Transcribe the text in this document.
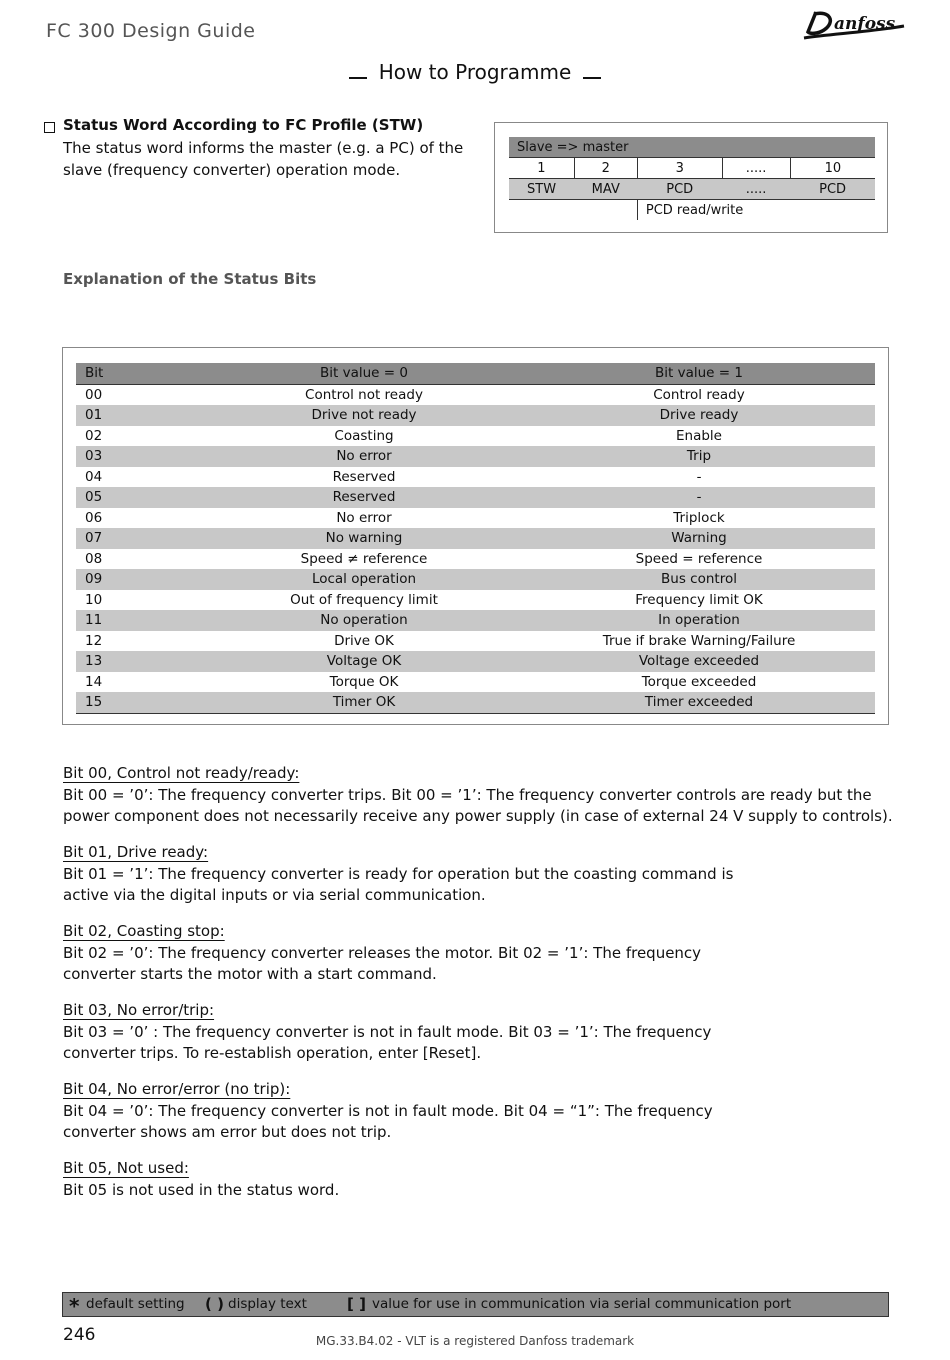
FC 300 Design Guide	anfoss
How to Programme
Status Word According to FC Profile (STW)
The status word informs the master (e.g. a PC) of the slave (frequency converter) operation mode.
Slave => master				
1	2	3	.....	10
STW	MAV	PCD	.....	PCD
		PCD read/write		
Explanation of the Status Bits
Bit	Bit value = 0	Bit value = 1
00	Control not ready	Control ready
01	Drive not ready	Drive ready
02	Coasting	Enable
03	No error	Trip
04	Reserved	-
05	Reserved	-
06	No error	Triplock
07	No warning	Warning
08	Speed ≠ reference	Speed = reference
09	Local operation	Bus control
10	Out of frequency limit	Frequency limit OK
11	No operation	In operation
12	Drive OK	True if brake Warning/Failure
13	Voltage OK	Voltage exceeded
14	Torque OK	Torque exceeded
15	Timer OK	Timer exceeded

Bit 00, Control not ready/ready:

Bit 00 = ’0’: The frequency converter trips. Bit 00 = ’1’: The frequency converter controls are ready but the

power component does not necessarily receive any power supply (in case of external 24 V supply to controls).

Bit 01, Drive ready:

Bit 01 = ’1’: The frequency converter is ready for operation but the coasting command is

active via the digital inputs or via serial communication.

Bit 02, Coasting stop:

Bit 02 = ’0’: The frequency converter releases the motor. Bit 02 = ’1’: The frequency

converter starts the motor with a start command.

Bit 03, No error/trip:

Bit 03 = ’0’ : The frequency converter is not in fault mode. Bit 03 = ’1’: The frequency

converter trips. To re-establish operation, enter [Reset].

Bit 04, No error/error (no trip):

Bit 04 = ’0’: The frequency converter is not in fault mode. Bit 04 = “1”: The frequency

converter shows am error but does not trip.

Bit 05, Not used:

Bit 05 is not used in the status word.

* default setting ( ) display text	[ ] value for use in communication via serial communication port
246	MG.33.B4.02 - VLT is a registered Danfoss trademark
